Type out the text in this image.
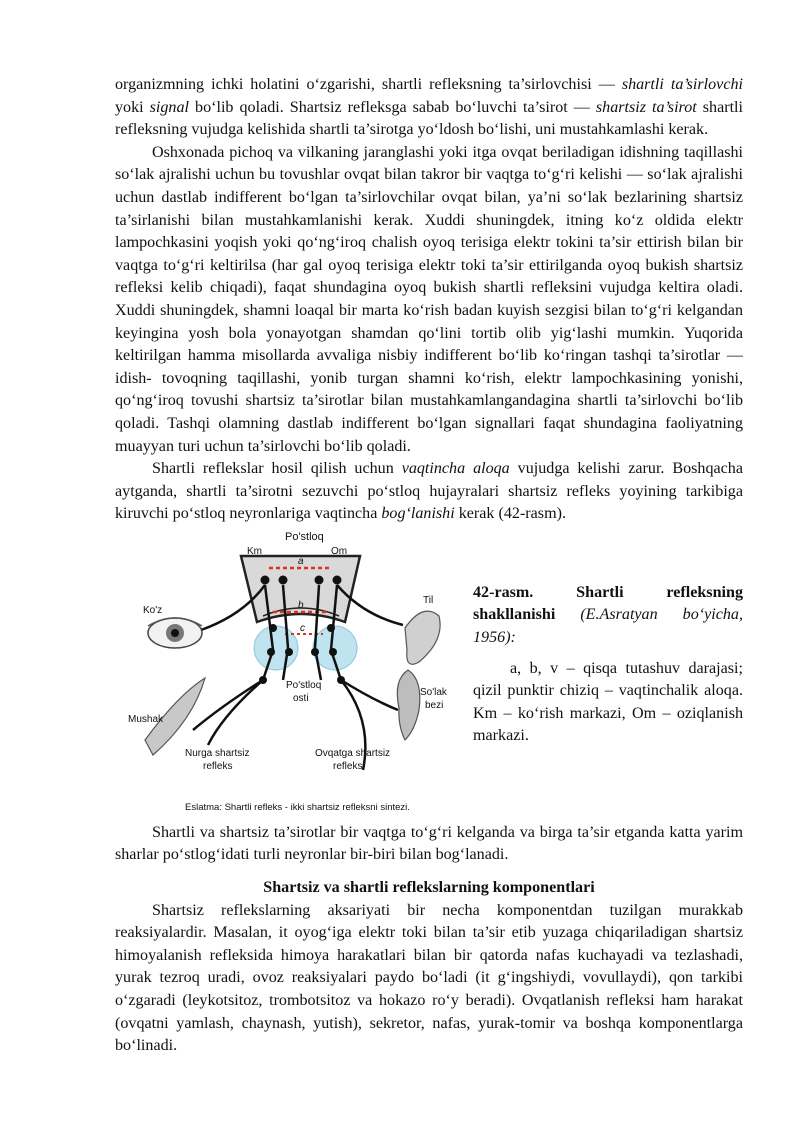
organizmning ichki holatini o‘zgarishi, shartli refleksning ta’sirlovchisi — shartli ta’sirlovchi yoki signal bo‘lib qoladi. Shartsiz refleksga sabab bo‘luvchi ta’sirot — shartsiz ta’sirot shartli refleksning vujudga kelishida shartli ta’sirotga yo‘ldosh bo‘lishi, uni mustahkamlashi kerak.

Oshxonada pichoq va vilkaning jaranglashi yoki itga ovqat beriladigan idishning taqillashi so‘lak ajralishi uchun bu tovushlar ovqat bilan takror bir vaqtga to‘g‘ri kelishi — so‘lak ajralishi uchun dastlab indifferent bo‘lgan ta’sirlovchilar ovqat bilan, ya’ni so‘lak bezlarining shartsiz ta’sirlanishi bilan mustahkamlanishi kerak. Xuddi shuningdek, itning ko‘z oldida elektr lampochkasini yoqish yoki qo‘ng‘iroq chalish oyoq terisiga elektr tokini ta’sir ettirish bilan bir vaqtga to‘g‘ri keltirilsa (har gal oyoq terisiga elektr toki ta’sir ettirilganda oyoq bukish shartsiz refleksi kelib chiqadi), faqat shundagina oyoq bukish shartli refleksini vujudga keltira oladi. Xuddi shuningdek, shamni loaqal bir marta ko‘rish badan kuyish sezgisi bilan to‘g‘ri kelgandan keyingina yosh bola yonayotgan shamdan qo‘lini tortib olib yig‘lashi mumkin. Yuqorida keltirilgan hamma misollarda avvaliga nisbiy indifferent bo‘lib ko‘ringan tashqi ta’sirotlar — idish- tovoqning taqillashi, yonib turgan shamni ko‘rish, elektr lampochkasining yonishi, qo‘ng‘iroq tovushi shartsiz ta’sirotlar bilan mustahkamlangandagina shartli ta’sirlovchi bo‘lib qoladi. Tashqi olamning dastlab indifferent bo‘lgan signallari faqat shundagina faoliyatning muayyan turi uchun ta’sirlovchi bo‘lib qoladi.

Shartli reflekslar hosil qilish uchun vaqtincha aloqa vujudga kelishi zarur. Boshqacha aytganda, shartli ta’sirotni sezuvchi po‘stloq hujayralari shartsiz refleks yoyining tarkibiga kiruvchi po‘stloq neyronlariga vaqtincha bog‘lanishi kerak (42-rasm).

Po'stloq
Km	Om
a
b
c
Ko'z
Til
Po'stloq
osti
So'lak
bezi
Mushak
Nurga shartsiz
refleks
Ovqatga shartsiz
refleks
Eslatma: Shartli refleks - ikki shartsiz refleksni sintezi.

42-rasm. Shartli refleksning shakllanishi (E.Asratyan bo‘yicha, 1956):

a, b, v – qisqa tutashuv darajasi; qizil punktir chiziq – vaqtinchalik aloqa. Km – ko‘rish markazi, Om – oziqlanish markazi.

Shartli va shartsiz ta’sirotlar bir vaqtga to‘g‘ri kelganda va birga ta’sir etganda katta yarim sharlar po‘stlog‘idati turli neyronlar bir-biri bilan bog‘lanadi.

Shartsiz va shartli reflekslarning komponentlari

Shartsiz reflekslarning aksariyati bir necha komponentdan tuzilgan murakkab reaksiyalardir. Masalan, it oyog‘iga elektr toki bilan ta’sir etib yuzaga chiqariladigan shartsiz himoyalanish refleksida himoya harakatlari bilan bir qatorda nafas kuchayadi va tezlashadi, yurak tezroq uradi, ovoz reaksiyalari paydo bo‘ladi (it g‘ingshiydi, vovullaydi), qon tarkibi o‘zgaradi (leykotsitoz, trombotsitoz va hokazo ro‘y beradi). Ovqatlanish refleksi ham harakat (ovqatni yamlash, chaynash, yutish), sekretor, nafas, yurak-tomir va boshqa komponentlarga bo‘linadi.
